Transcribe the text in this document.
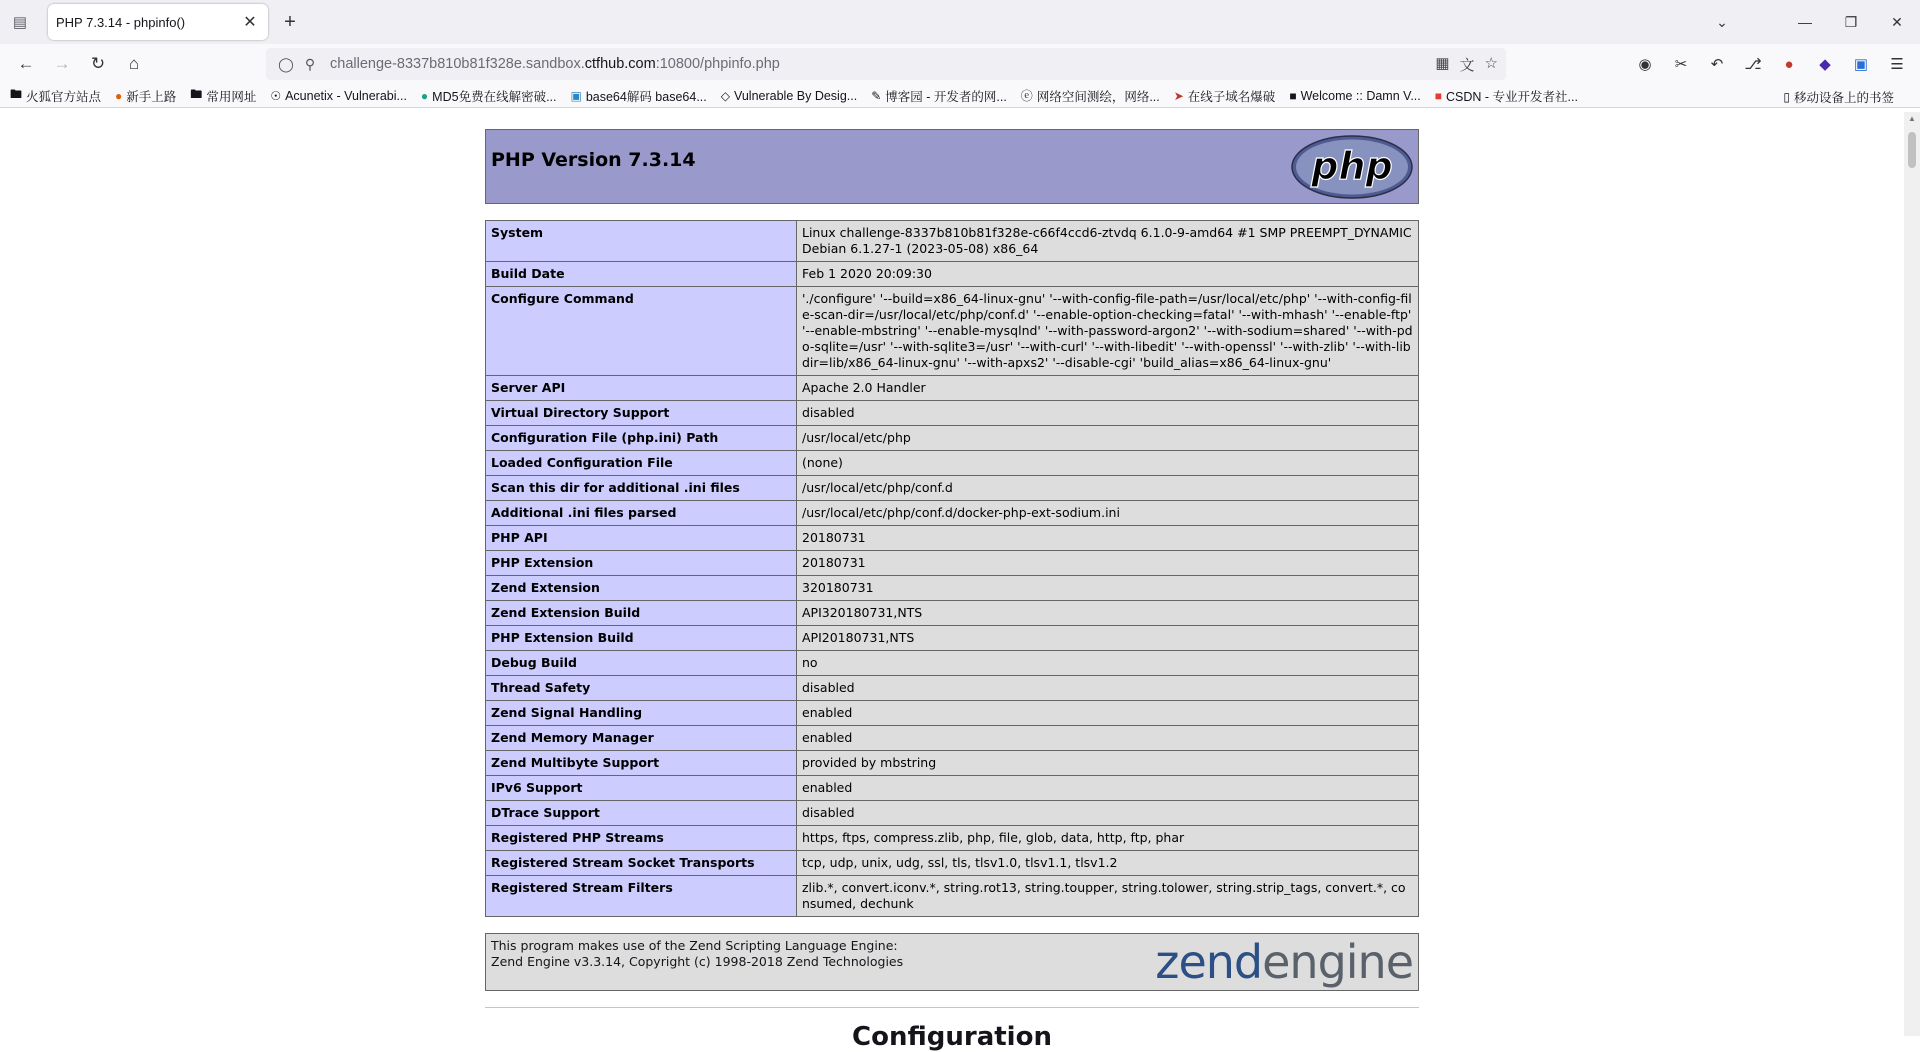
▤	PHP 7.3.14 - phpinfo()	✕	+	⌄	—	❐	✕
←	→	↻	⌂	◯ ⚲	challenge-8337b810b81f328e.sandbox.ctfhub.com:10800/phpinfo.php	▦ 文 ☆	◉	✂	↶	⎇	●	◆	▣	☰
🖿 火狐官方站点 ● 新手上路 🖿 常用网址 ☉ Acunetix - Vulnerabi... ● MD5免费在线解密破... ▣ base64解码 base64... ◇ Vulnerable By Desig... ✎ 博客园 - 开发者的网... ⓔ 网络空间测绘，网络... ➤ 在线子域名爆破 ■ Welcome :: Damn V... ■ CSDN - 专业开发者社...	▯ 移动设备上的书签
PHP Version 7.3.14	php
System	Linux challenge-8337b810b81f328e-c66f4ccd6-ztvdq 6.1.0-9-amd64 #1 SMP PREEMPT_DYNAMIC Debian 6.1.27-1 (2023-05-08) x86_64
Build Date	Feb 1 2020 20:09:30
Configure Command	'./configure' '--build=x86_64-linux-gnu' '--with-config-file-path=/usr/local/etc/php' '--with-config-file-scan-dir=/usr/local/etc/php/conf.d' '--enable-option-checking=fatal' '--with-mhash' '--enable-ftp' '--enable-mbstring' '--enable-mysqlnd' '--with-password-argon2' '--with-sodium=shared' '--with-pdo-sqlite=/usr' '--with-sqlite3=/usr' '--with-curl' '--with-libedit' '--with-openssl' '--with-zlib' '--with-libdir=lib/x86_64-linux-gnu' '--with-apxs2' '--disable-cgi' 'build_alias=x86_64-linux-gnu'
Server API	Apache 2.0 Handler
Virtual Directory Support	disabled
Configuration File (php.ini) Path	/usr/local/etc/php
Loaded Configuration File	(none)
Scan this dir for additional .ini files	/usr/local/etc/php/conf.d
Additional .ini files parsed	/usr/local/etc/php/conf.d/docker-php-ext-sodium.ini
PHP API	20180731
PHP Extension	20180731
Zend Extension	320180731
Zend Extension Build	API320180731,NTS
PHP Extension Build	API20180731,NTS
Debug Build	no
Thread Safety	disabled
Zend Signal Handling	enabled
Zend Memory Manager	enabled
Zend Multibyte Support	provided by mbstring
IPv6 Support	enabled
DTrace Support	disabled
Registered PHP Streams	https, ftps, compress.zlib, php, file, glob, data, http, ftp, phar
Registered Stream Socket Transports	tcp, udp, unix, udg, ssl, tls, tlsv1.0, tlsv1.1, tlsv1.2
Registered Stream Filters	zlib.*, convert.iconv.*, string.rot13, string.toupper, string.tolower, string.strip_tags, convert.*, consumed, dechunk
This program makes use of the Zend Scripting Language Engine:
Zend Engine v3.3.14, Copyright (c) 1998-2018 Zend Technologies	zendengine
Configuration
▲
